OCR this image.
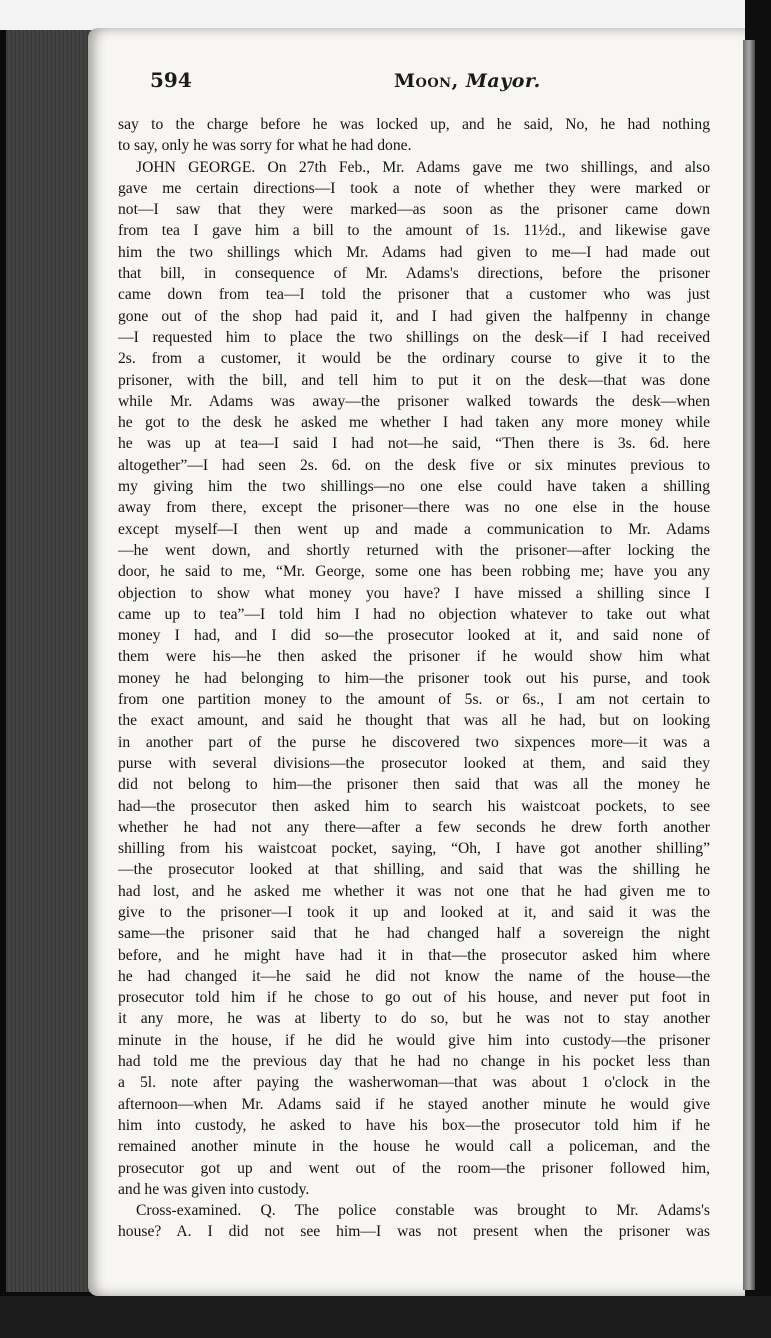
594	Moon, Mayor.
say to the charge before he was locked up, and he said, No, he had nothing
to say, only he was sorry for what he had done.
JOHN GEORGE. On 27th Feb., Mr. Adams gave me two shillings, and also
gave me certain directions—I took a note of whether they were marked or
not—I saw that they were marked—as soon as the prisoner came down
from tea I gave him a bill to the amount of 1s. 11½d., and likewise gave
him the two shillings which Mr. Adams had given to me—I had made out
that bill, in consequence of Mr. Adams's directions, before the prisoner
came down from tea—I told the prisoner that a customer who was just
gone out of the shop had paid it, and I had given the halfpenny in change
—I requested him to place the two shillings on the desk—if I had received
2s. from a customer, it would be the ordinary course to give it to the
prisoner, with the bill, and tell him to put it on the desk—that was done
while Mr. Adams was away—the prisoner walked towards the desk—when
he got to the desk he asked me whether I had taken any more money while
he was up at tea—I said I had not—he said, “Then there is 3s. 6d. here
altogether”—I had seen 2s. 6d. on the desk five or six minutes previous to
my giving him the two shillings—no one else could have taken a shilling
away from there, except the prisoner—there was no one else in the house
except myself—I then went up and made a communication to Mr. Adams
—he went down, and shortly returned with the prisoner—after locking the
door, he said to me, “Mr. George, some one has been robbing me; have you any
objection to show what money you have? I have missed a shilling since I
came up to tea”—I told him I had no objection whatever to take out what
money I had, and I did so—the prosecutor looked at it, and said none of
them were his—he then asked the prisoner if he would show him what
money he had belonging to him—the prisoner took out his purse, and took
from one partition money to the amount of 5s. or 6s., I am not certain to
the exact amount, and said he thought that was all he had, but on looking
in another part of the purse he discovered two sixpences more—it was a
purse with several divisions—the prosecutor looked at them, and said they
did not belong to him—the prisoner then said that was all the money he
had—the prosecutor then asked him to search his waistcoat pockets, to see
whether he had not any there—after a few seconds he drew forth another
shilling from his waistcoat pocket, saying, “Oh, I have got another shilling”
—the prosecutor looked at that shilling, and said that was the shilling he
had lost, and he asked me whether it was not one that he had given me to
give to the prisoner—I took it up and looked at it, and said it was the
same—the prisoner said that he had changed half a sovereign the night
before, and he might have had it in that—the prosecutor asked him where
he had changed it—he said he did not know the name of the house—the
prosecutor told him if he chose to go out of his house, and never put foot in
it any more, he was at liberty to do so, but he was not to stay another
minute in the house, if he did he would give him into custody—the prisoner
had told me the previous day that he had no change in his pocket less than
a 5l. note after paying the washerwoman—that was about 1 o'clock in the
afternoon—when Mr. Adams said if he stayed another minute he would give
him into custody, he asked to have his box—the prosecutor told him if he
remained another minute in the house he would call a policeman, and the
prosecutor got up and went out of the room—the prisoner followed him,
and he was given into custody.
Cross-examined. Q. The police constable was brought to Mr. Adams's
house? A. I did not see him—I was not present when the prisoner was
